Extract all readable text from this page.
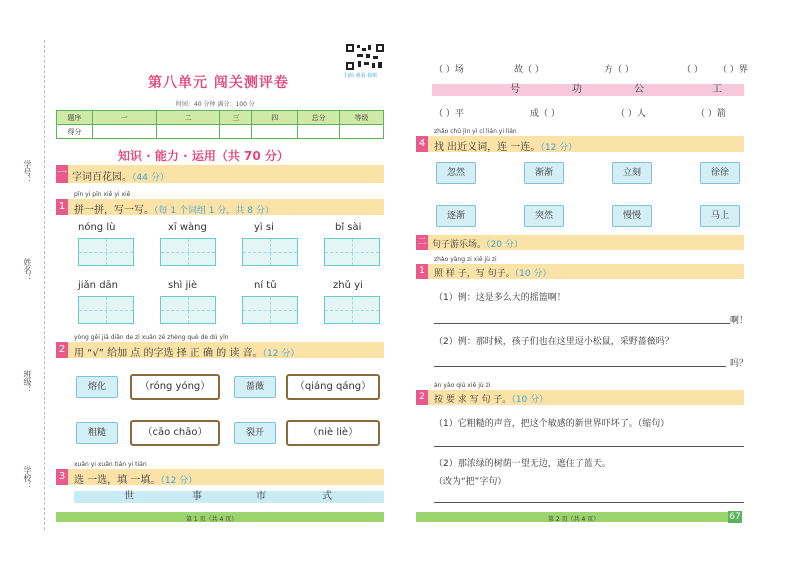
学号：
姓名：
班级：
学校：
第八单元 闯关测评卷	扫码 观看 视频
时间：40 分钟 满分：100 分
题序	一	二	三	四	总分	等级
得分						
知识 · 能力 · 运用（共 70 分）
一 字词百花园。（44 分）
pīn yi pīn xiě yi xiě
1 拼一拼，写一写。（每 1 个词组 1 分，共 8 分）
nóng lù	xī wàng	yì si	bǐ sài
jiǎn dān	shì jiè	ní tǔ	zhǔ yi
yòng gěi jiā diǎn de zì xuǎn zé zhèng què de dú yīn
2 用 “√” 给加 点 的字选 择 正 确 的 读 音。（12 分）
熔化	（róng yóng）	蔷薇	（qiáng qáng）
粗糙	（cāo chāo）	裂开	（niè liè）
xuǎn yi xuǎn tián yi tián
3 选 一选，填 一填。（12 分）
世	事	市	式
第 1 页（共 4 页）
（ ）场	故（ ）	方（ ）	（ ） （ ）界
号	功	公	工
（ ）平	成（ ）	（ ）人	（ ）箭
zhǎo chū jìn yì cí lián yi lián
4 找 出近义词，连 一连。（12 分）
忽然	渐渐	立刻	徐徐
逐渐	突然	慢慢	马上
二 句子游乐场。（20 分）
zhào yàng zi xiě jù zi
1	照 样 子，写 句子。（10 分）
（1）例：这是多么大的摇篮啊！
啊！
（2）例：那时候，孩子们也在这里逗小松鼠，采野蔷薇吗？
吗？
àn yāo qiú xiě jù zi
2	按 要 求 写 句 子。（10 分）
（1）它粗糙的声音，把这个敏感的新世界吓坏了。（缩句）
（2）那浓绿的树荫一望无边，遮住了蓝天。
（改为“把”字句）
第 2 页（共 4 页）	67
